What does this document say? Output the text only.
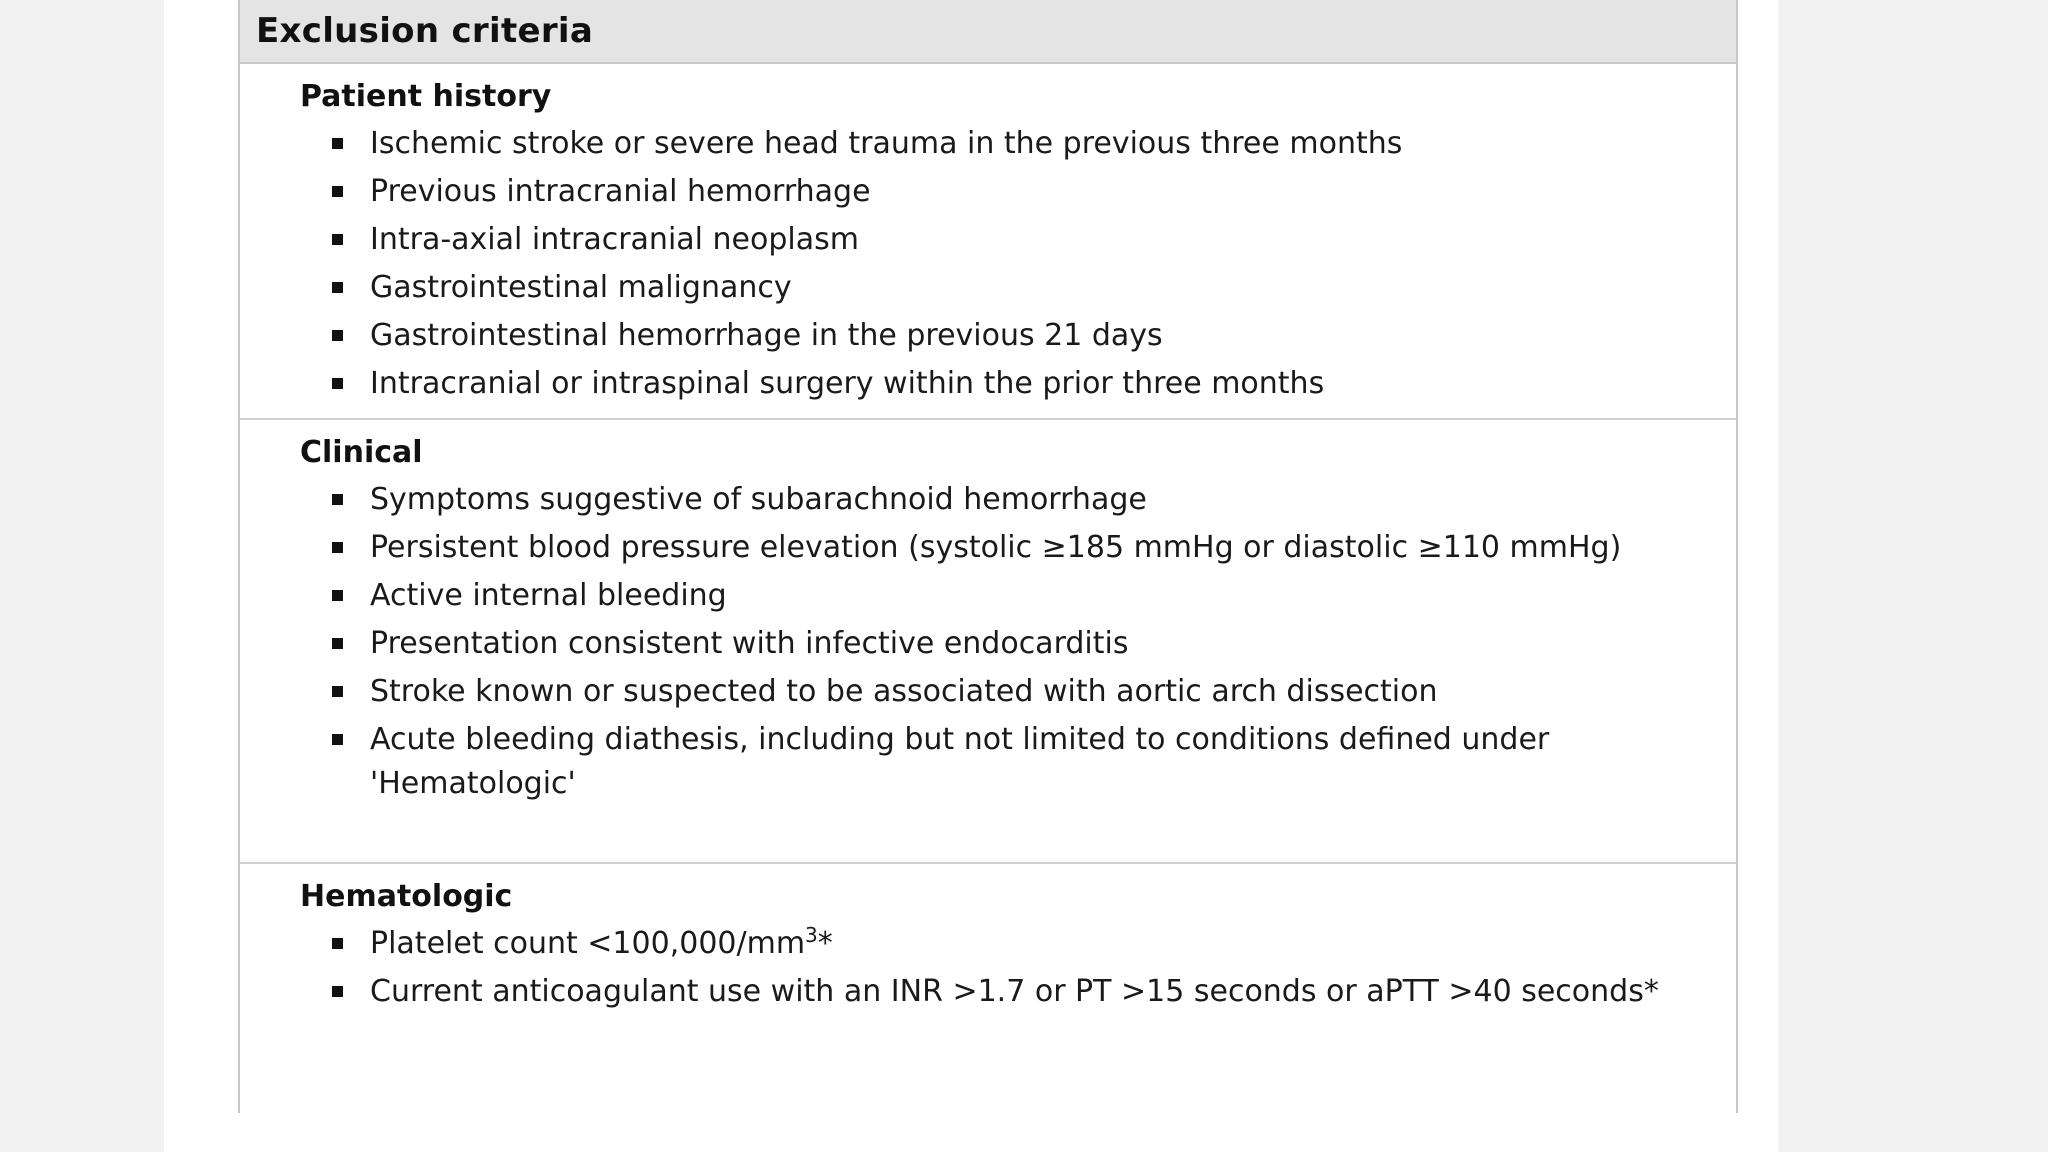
Exclusion criteria
Patient history
Ischemic stroke or severe head trauma in the previous three months
Previous intracranial hemorrhage
Intra-axial intracranial neoplasm
Gastrointestinal malignancy
Gastrointestinal hemorrhage in the previous 21 days
Intracranial or intraspinal surgery within the prior three months
Clinical
Symptoms suggestive of subarachnoid hemorrhage
Persistent blood pressure elevation (systolic ≥185 mmHg or diastolic ≥110 mmHg)
Active internal bleeding
Presentation consistent with infective endocarditis
Stroke known or suspected to be associated with aortic arch dissection
Acute bleeding diathesis, including but not limited to conditions defined under 'Hematologic'
Hematologic
Platelet count $<100,000/mm^3*$
Current anticoagulant use with an INR >1.7 or PT >15 seconds or aPTT >40 seconds*
